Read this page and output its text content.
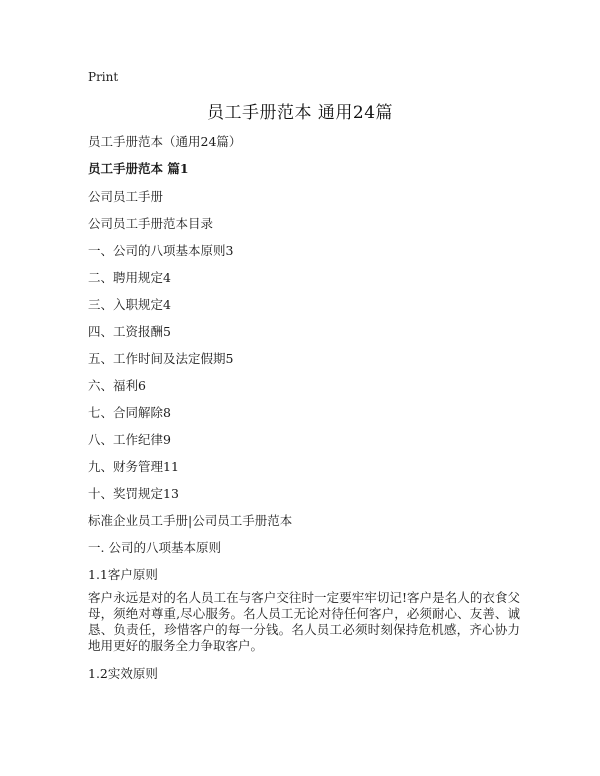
Print
员工手册范本 通用24篇
员工手册范本（通用24篇）
员工手册范本 篇1
公司员工手册
公司员工手册范本目录
一、公司的八项基本原则3
二、聘用规定4
三、入职规定4
四、工资报酬5
五、工作时间及法定假期5
六、福利6
七、合同解除8
八、工作纪律9
九、财务管理11
十、奖罚规定13
标准企业员工手册|公司员工手册范本
一. 公司的八项基本原则
1.1客户原则
客户永远是对的名人员工在与客户交往时一定要牢牢切记!客户是名人的衣食父母，须绝对尊重,尽心服务。名人员工无论对待任何客户，必须耐心、友善、诚恳、负责任，珍惜客户的每一分钱。名人员工必须时刻保持危机感，齐心协力地用更好的服务全力争取客户。
1.2实效原则
